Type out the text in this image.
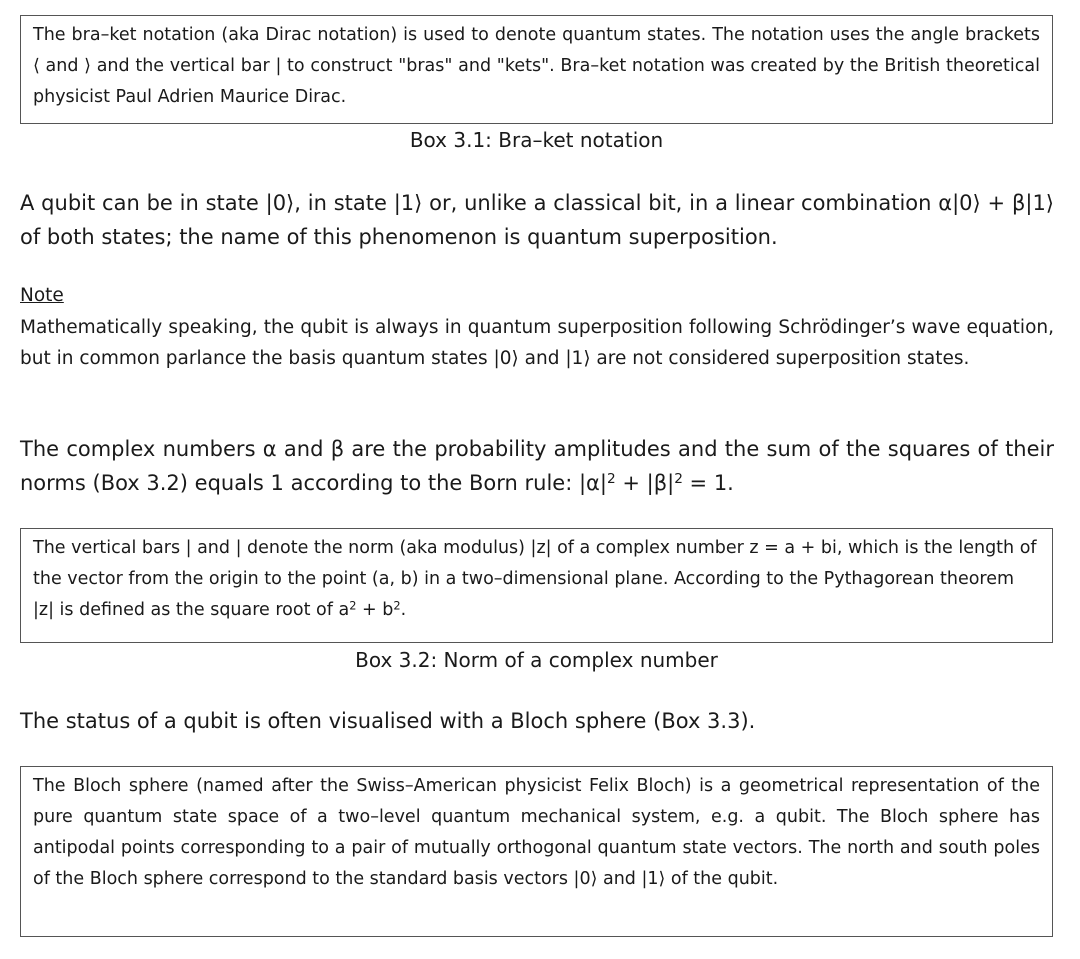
The bra–ket notation (aka Dirac notation) is used to denote quantum states. The notation uses the angle brackets ⟨ and ⟩ and the vertical bar | to construct "bras" and "kets". Bra–ket notation was created by the British theoretical physicist Paul Adrien Maurice Dirac.
Box 3.1: Bra–ket notation
A qubit can be in state |0⟩, in state |1⟩ or, unlike a classical bit, in a linear combination α|0⟩ + β|1⟩ of both states; the name of this phenomenon is quantum superposition.
Note
Mathematically speaking, the qubit is always in quantum superposition following Schrödinger’s wave equation, but in common parlance the basis quantum states |0⟩ and |1⟩ are not considered superposition states.
The complex numbers α and β are the probability amplitudes and the sum of the squares of their norms (Box 3.2) equals 1 according to the Born rule: $|\alpha|^2 + |\beta|^2 = 1$.
The vertical bars | and | denote the norm (aka modulus) |z| of a complex number z = a + bi, which is the length of the vector from the origin to the point (a, b) in a two–dimensional plane. According to the Pythagorean theorem |z| is defined as the square root of $a^2 + b^2$.
Box 3.2: Norm of a complex number
The status of a qubit is often visualised with a Bloch sphere (Box 3.3).
The Bloch sphere (named after the Swiss–American physicist Felix Bloch) is a geometrical representation of the pure quantum state space of a two–level quantum mechanical system, e.g. a qubit. The Bloch sphere has antipodal points corresponding to a pair of mutually orthogonal quantum state vectors. The north and south poles of the Bloch sphere correspond to the standard basis vectors |0⟩ and |1⟩ of the qubit.
